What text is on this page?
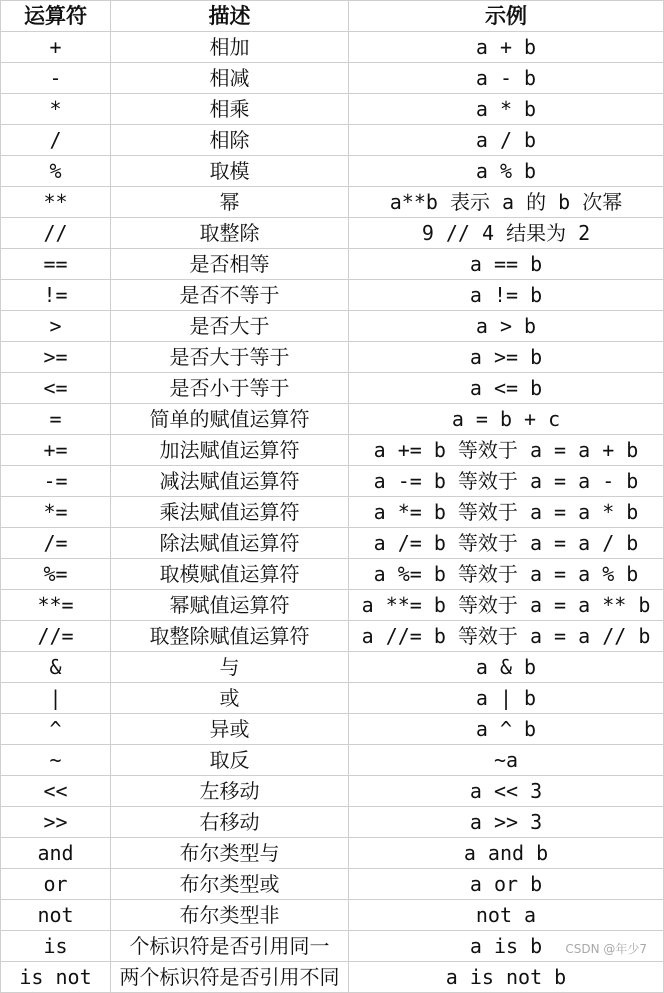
运算符	描述	示例
+	相加	a + b
-	相减	a - b
*	相乘	a * b
/	相除	a / b
%	取模	a % b
**	幂	a**b 表示 a 的 b 次幂
//	取整除	9 // 4 结果为 2
==	是否相等	a == b
!=	是否不等于	a != b
>	是否大于	a > b
>=	是否大于等于	a >= b
<=	是否小于等于	a <= b
=	简单的赋值运算符	a = b + c
+=	加法赋值运算符	a += b 等效于 a = a + b
-=	减法赋值运算符	a -= b 等效于 a = a - b
*=	乘法赋值运算符	a *= b 等效于 a = a * b
/=	除法赋值运算符	a /= b 等效于 a = a / b
%=	取模赋值运算符	a %= b 等效于 a = a % b
**=	幂赋值运算符	a **= b 等效于 a = a ** b
//=	取整除赋值运算符	a //= b 等效于 a = a // b
&	与	a & b
|	或	a | b
^	异或	a ^ b
~	取反	~a
<<	左移动	a << 3
>>	右移动	a >> 3
and	布尔类型与	a and b
or	布尔类型或	a or b
not	布尔类型非	not a
is	个标识符是否引用同一	a is b
is not	两个标识符是否引用不同	a is not b
CSDN @年少7
